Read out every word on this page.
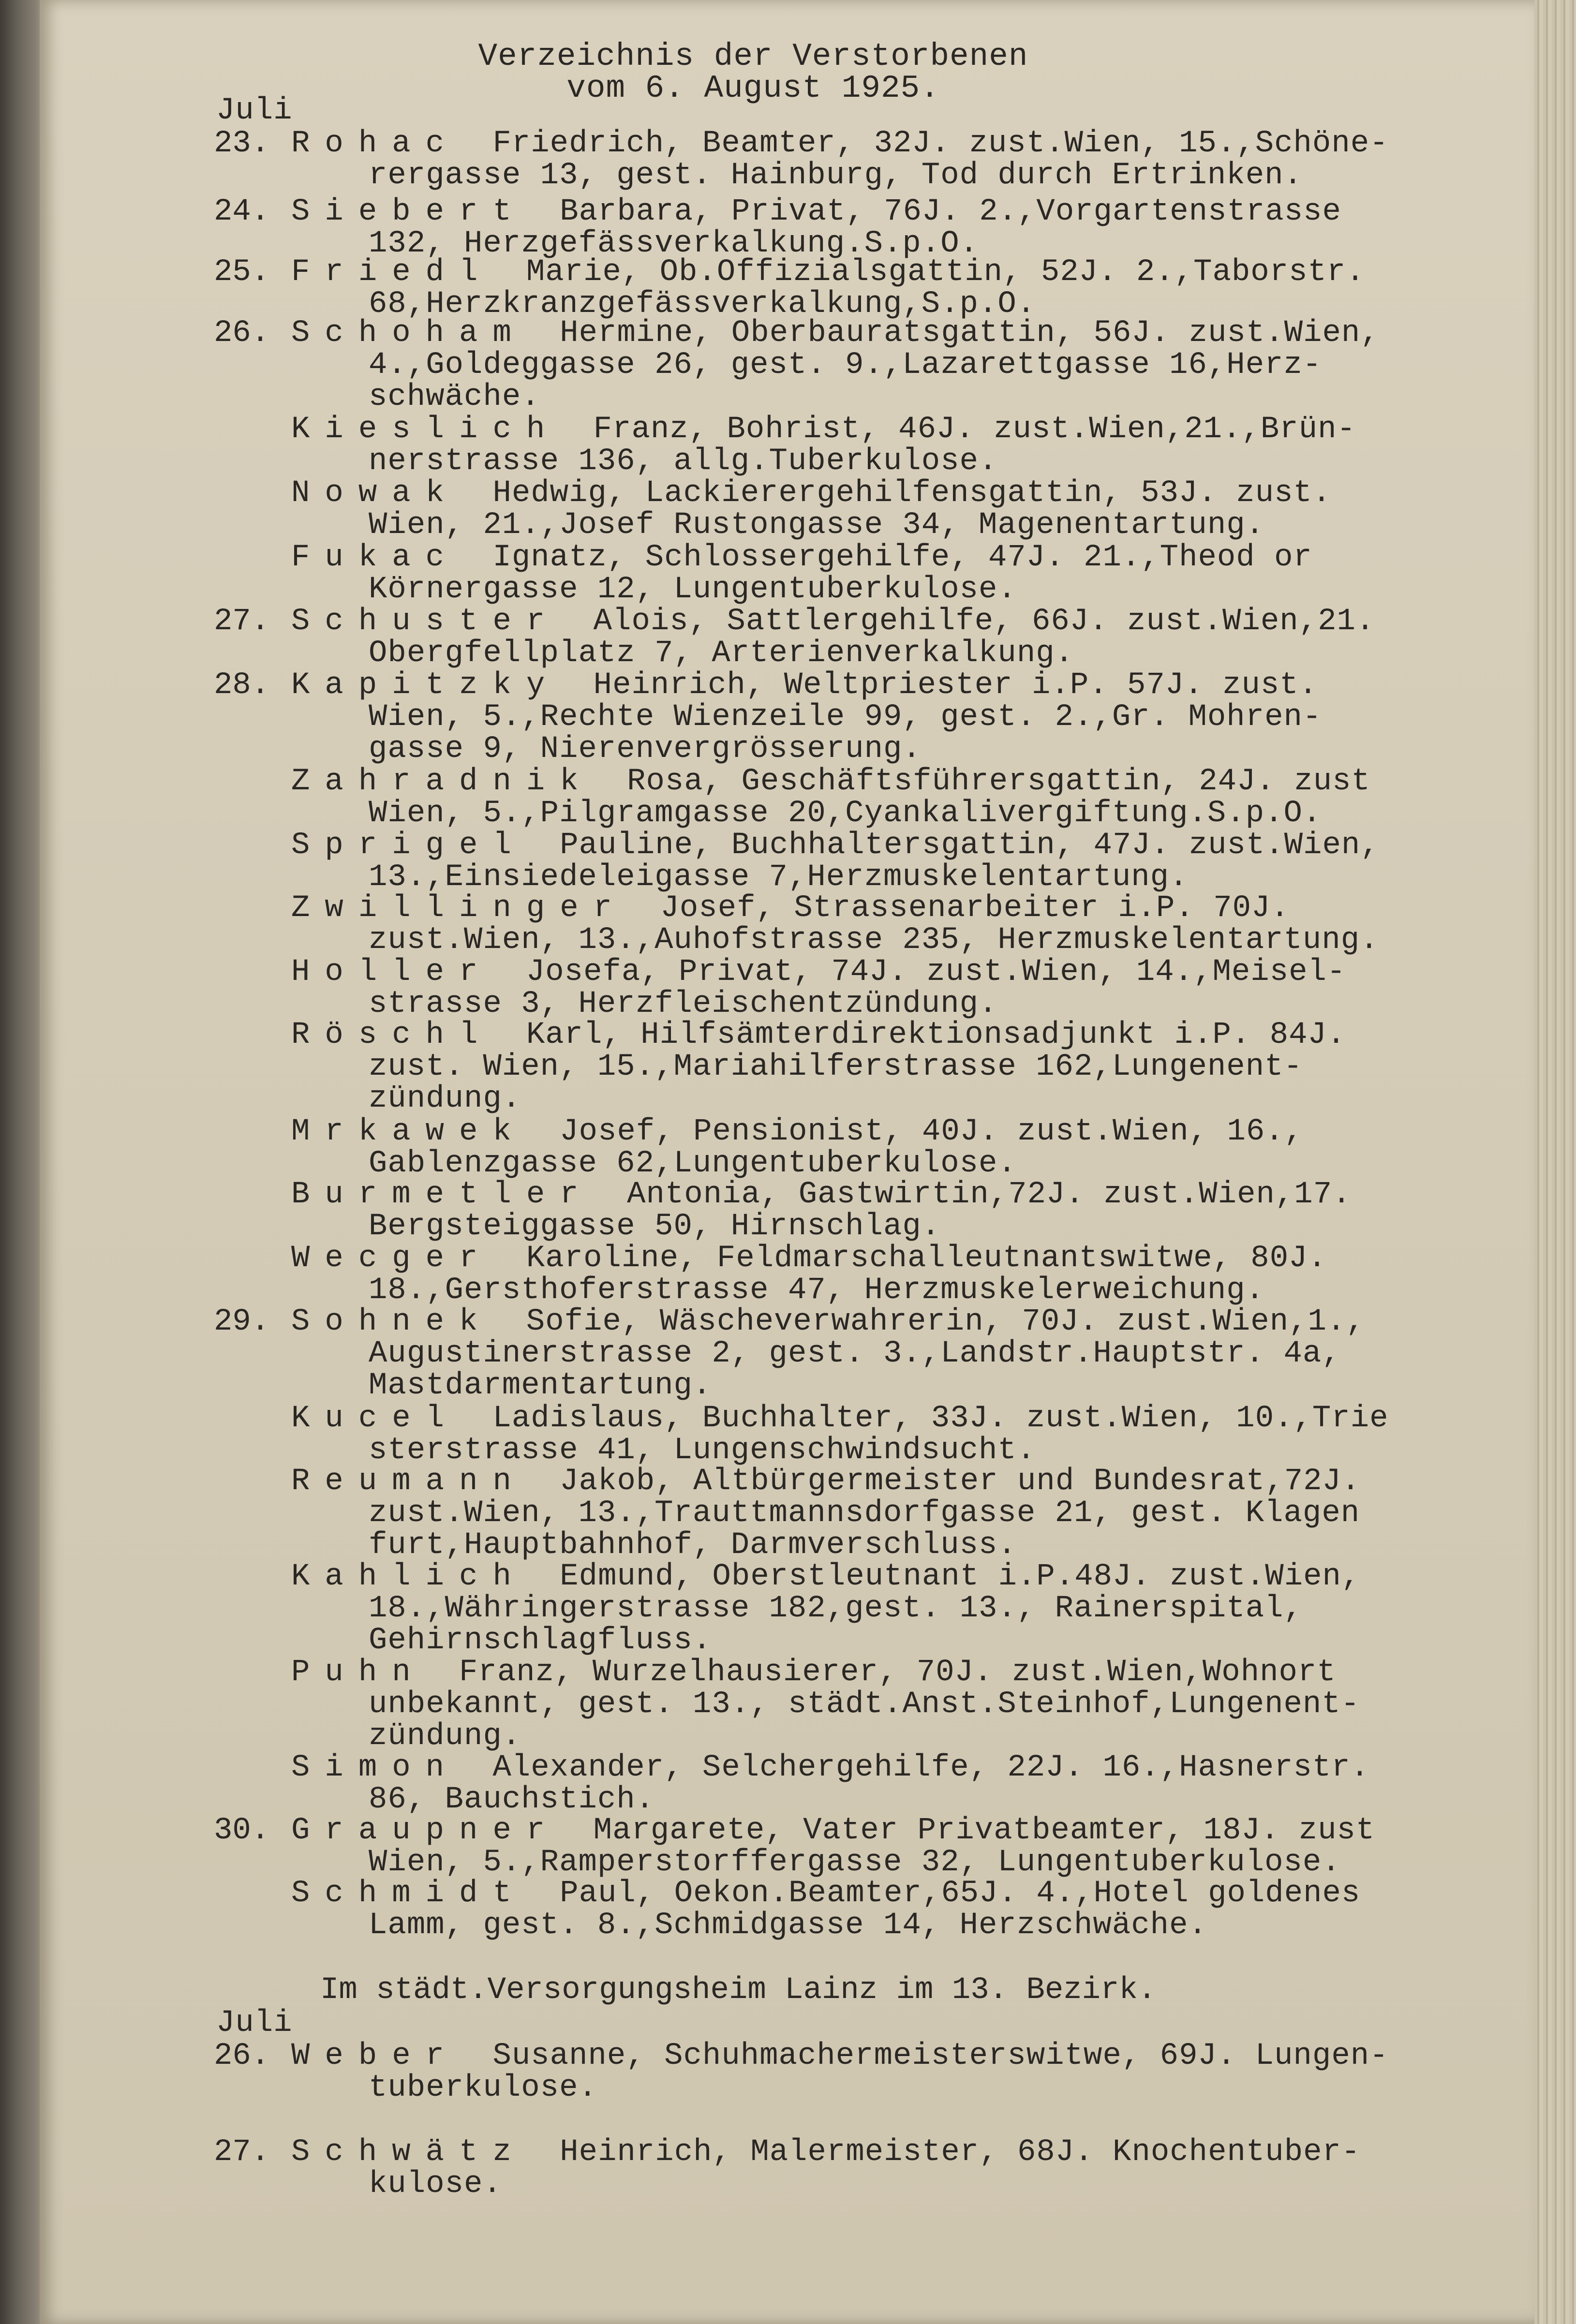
Verzeichnis der Verstorbenen
vom 6. August 1925.
Juli
23. Rohac Friedrich, Beamter, 32J. zust.Wien, 15.,Schöne-
rergasse 13, gest. Hainburg, Tod durch Ertrinken.
24. Siebert Barbara, Privat, 76J. 2.,Vorgartenstrasse
132, Herzgefässverkalkung.S.p.O.
25. Friedl Marie, Ob.Offizialsgattin, 52J. 2.,Taborstr.
68,Herzkranzgefässverkalkung,S.p.O.
26. Schoham Hermine, Oberbauratsgattin, 56J. zust.Wien,
4.,Goldeggasse 26, gest. 9.,Lazarettgasse 16,Herz-
schwäche.
Kieslich Franz, Bohrist, 46J. zust.Wien,21.,Brün-
nerstrasse 136, allg.Tuberkulose.
Nowak Hedwig, Lackierergehilfensgattin, 53J. zust.
Wien, 21.,Josef Rustongasse 34, Magenentartung.
Fukac Ignatz, Schlossergehilfe, 47J. 21.,Theod or
Körnergasse 12, Lungentuberkulose.
27. Schuster Alois, Sattlergehilfe, 66J. zust.Wien,21.
Obergfellplatz 7, Arterienverkalkung.
28. Kapitzky Heinrich, Weltpriester i.P. 57J. zust.
Wien, 5.,Rechte Wienzeile 99, gest. 2.,Gr. Mohren-
gasse 9, Nierenvergrösserung.
Zahradnik Rosa, Geschäftsführersgattin, 24J. zust
Wien, 5.,Pilgramgasse 20,Cyankalivergiftung.S.p.O.
Sprigel Pauline, Buchhaltersgattin, 47J. zust.Wien,
13.,Einsiedeleigasse 7,Herzmuskelentartung.
Zwillinger Josef, Strassenarbeiter i.P. 70J.
zust.Wien, 13.,Auhofstrasse 235, Herzmuskelentartung.
Holler Josefa, Privat, 74J. zust.Wien, 14.,Meisel-
strasse 3, Herzfleischentzündung.
Röschl Karl, Hilfsämterdirektionsadjunkt i.P. 84J.
zust. Wien, 15.,Mariahilferstrasse 162,Lungenent-
zündung.
Mrkawek Josef, Pensionist, 40J. zust.Wien, 16.,
Gablenzgasse 62,Lungentuberkulose.
Burmetler Antonia, Gastwirtin,72J. zust.Wien,17.
Bergsteiggasse 50, Hirnschlag.
Wecger Karoline, Feldmarschalleutnantswitwe, 80J.
18.,Gersthoferstrasse 47, Herzmuskelerweichung.
29. Sohnek Sofie, Wäscheverwahrerin, 70J. zust.Wien,1.,
Augustinerstrasse 2, gest. 3.,Landstr.Hauptstr. 4a,
Mastdarmentartung.
Kucel Ladislaus, Buchhalter, 33J. zust.Wien, 10.,Trie
sterstrasse 41, Lungenschwindsucht.
Reumann Jakob, Altbürgermeister und Bundesrat,72J.
zust.Wien, 13.,Trauttmannsdorfgasse 21, gest. Klagen
furt,Hauptbahnhof, Darmverschluss.
Kahlich Edmund, Oberstleutnant i.P.48J. zust.Wien,
18.,Währingerstrasse 182,gest. 13., Rainerspital,
Gehirnschlagfluss.
Puhn Franz, Wurzelhausierer, 70J. zust.Wien,Wohnort
unbekannt, gest. 13., städt.Anst.Steinhof,Lungenent-
zündung.
Simon Alexander, Selchergehilfe, 22J. 16.,Hasnerstr.
86, Bauchstich.
30. Graupner Margarete, Vater Privatbeamter, 18J. zust
Wien, 5.,Ramperstorffergasse 32, Lungentuberkulose.
Schmidt Paul, Oekon.Beamter,65J. 4.,Hotel goldenes
Lamm, gest. 8.,Schmidgasse 14, Herzschwäche.
Im städt.Versorgungsheim Lainz im 13. Bezirk.
Juli
26. Weber Susanne, Schuhmachermeisterswitwe, 69J. Lungen-
tuberkulose.
27. Schwätz Heinrich, Malermeister, 68J. Knochentuber-
kulose.
